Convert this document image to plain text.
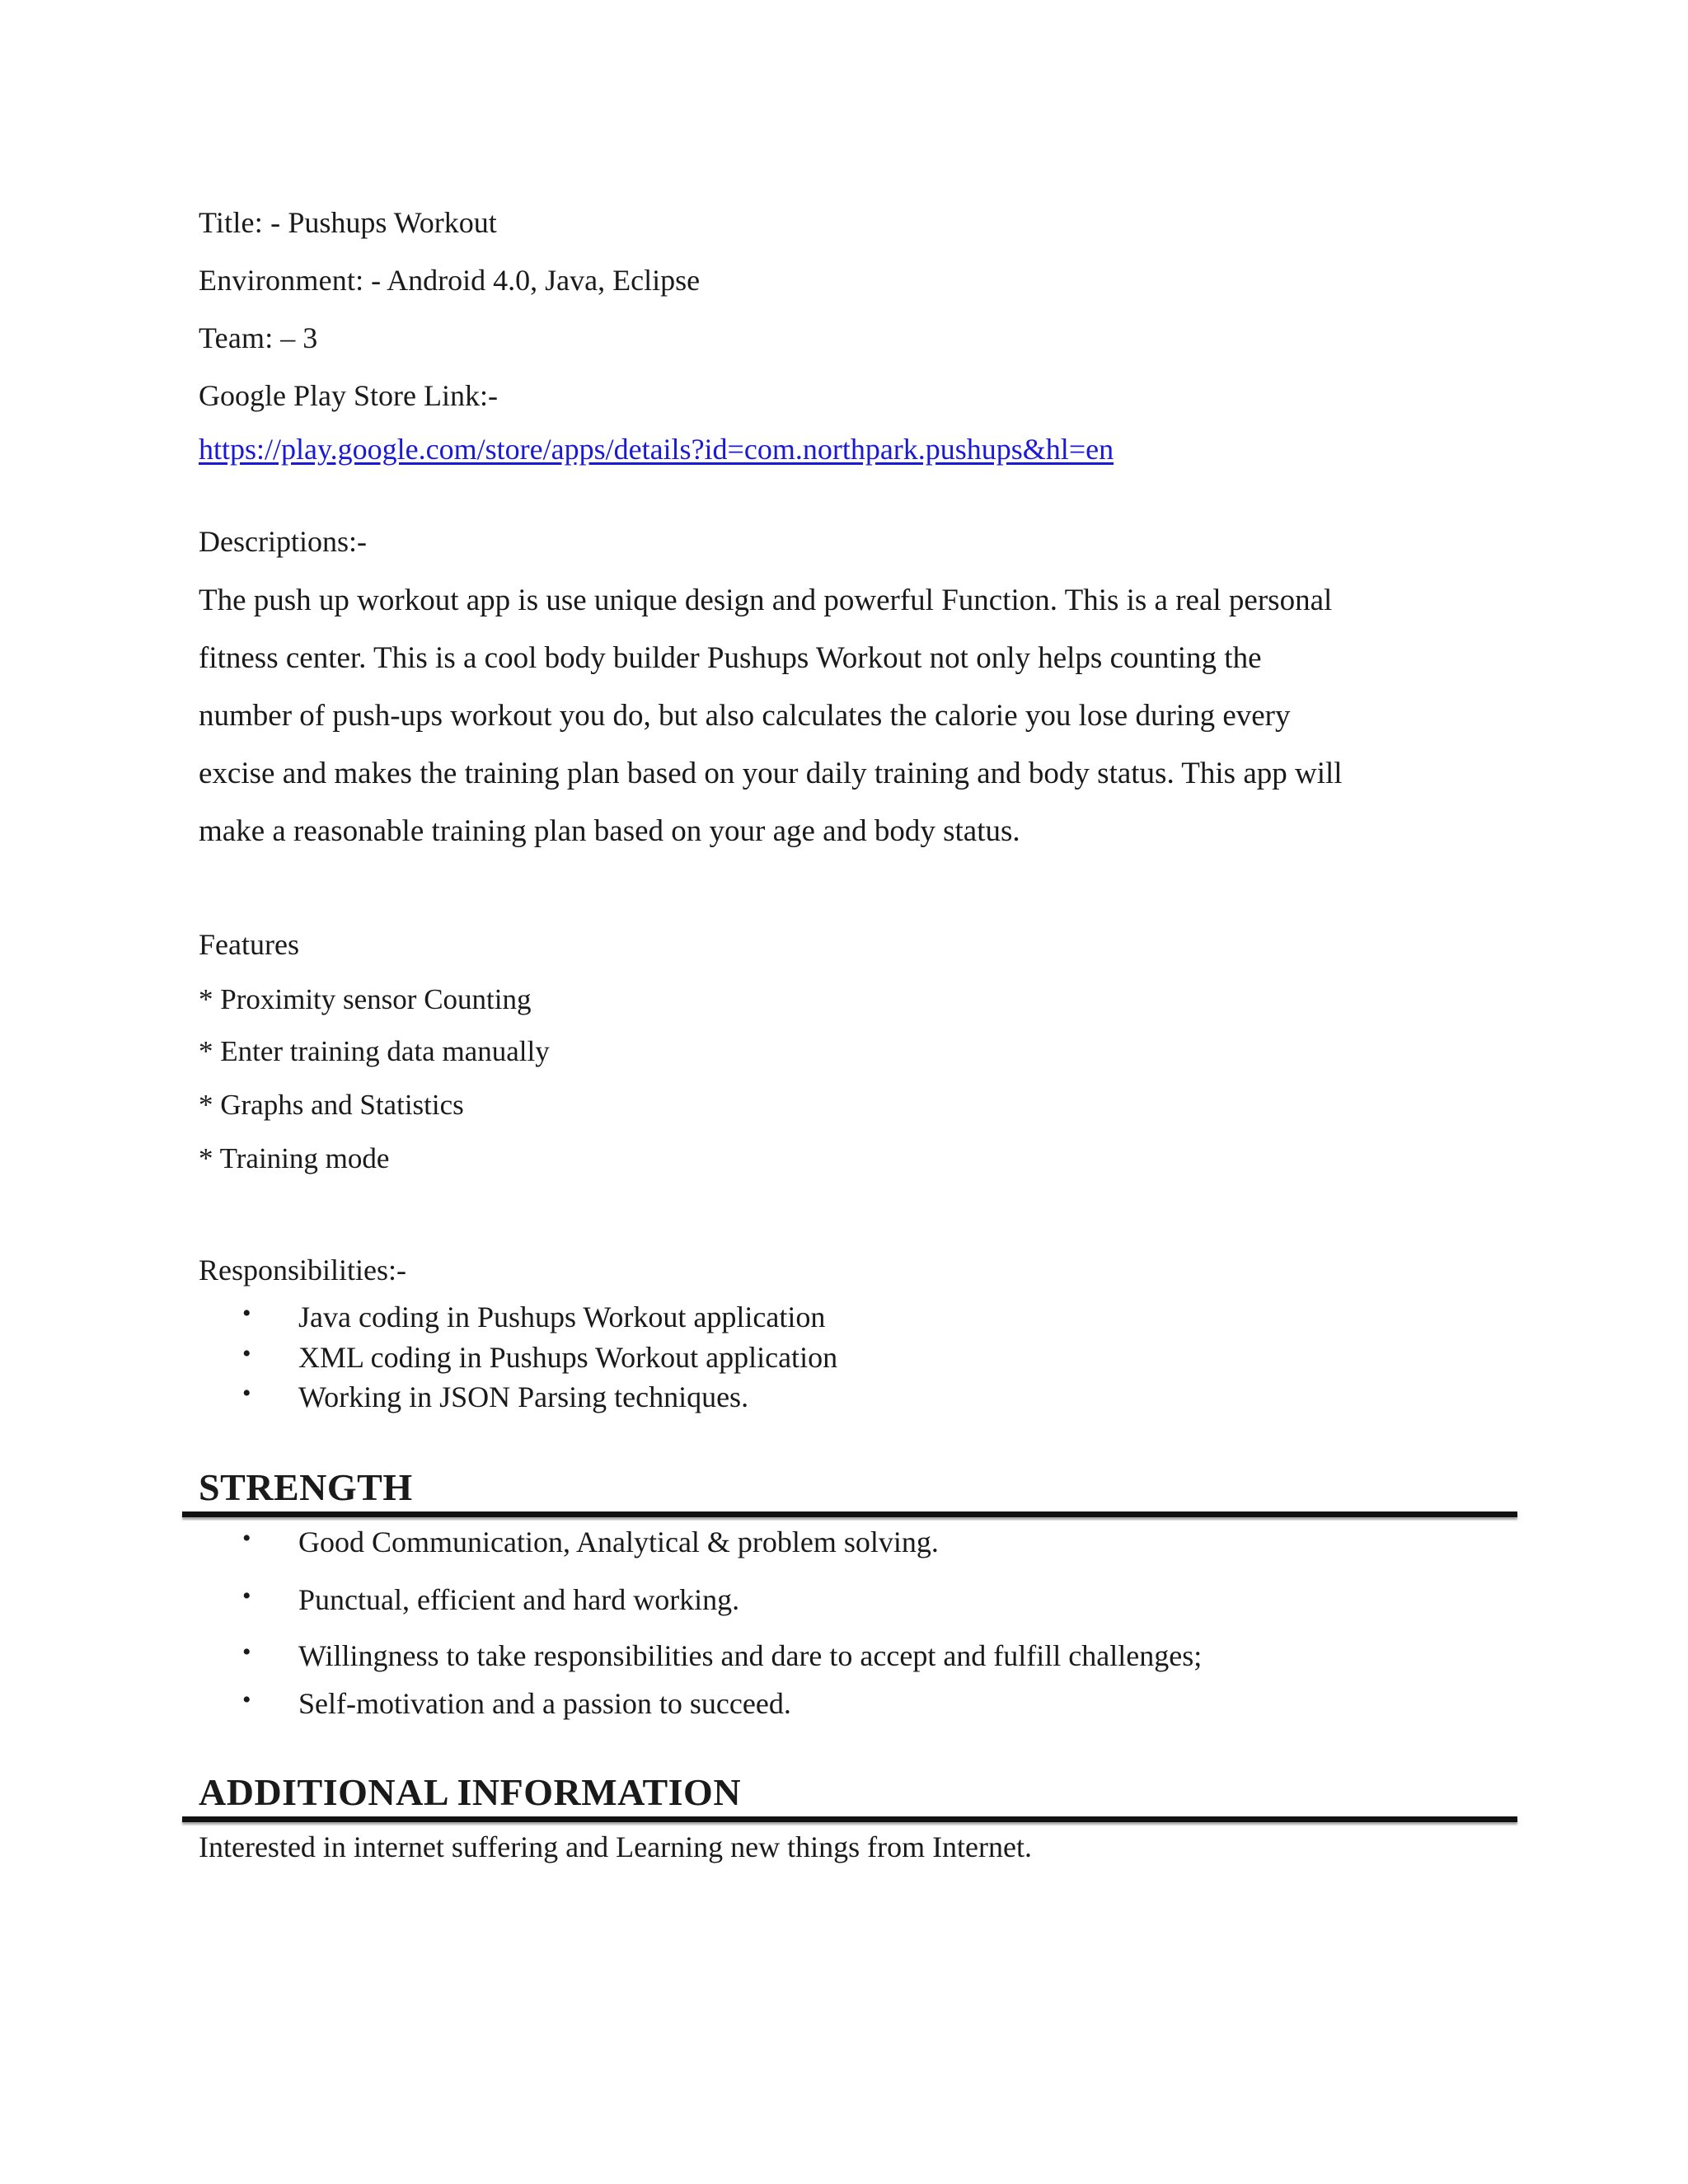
Title: - Pushups Workout
Environment: - Android 4.0, Java, Eclipse
Team: – 3
Google Play Store Link:-
https://play.google.com/store/apps/details?id=com.northpark.pushups&hl=en
Descriptions:-
The push up workout app is use unique design and powerful Function. This is a real personal
fitness center. This is a cool body builder Pushups Workout not only helps counting the
number of push-ups workout you do, but also calculates the calorie you lose during every
excise and makes the training plan based on your daily training and body status. This app will
make a reasonable training plan based on your age and body status.
Features
* Proximity sensor Counting
* Enter training data manually
* Graphs and Statistics
* Training mode
Responsibilities:-
• Java coding in Pushups Workout application
• XML coding in Pushups Workout application
• Working in JSON Parsing techniques.
STRENGTH
• Good Communication, Analytical & problem solving.
• Punctual, efficient and hard working.
• Willingness to take responsibilities and dare to accept and fulfill challenges;
• Self-motivation and a passion to succeed.
ADDITIONAL INFORMATION
Interested in internet suffering and Learning new things from Internet.
